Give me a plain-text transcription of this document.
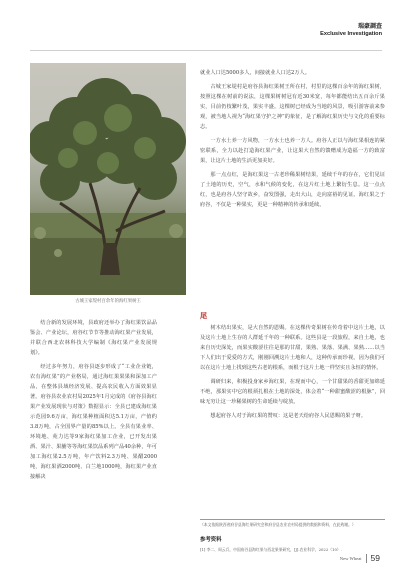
瑞豪調查
Exclusive Investigation
古城王家堤村百余年的海红果树王

结合新的发展环境，县政府还举办了海红果饮品品鉴会、产业论坛，府谷红节节等推动海红果产业发展，并联合西北农林科技大学编制《海红果产业发展规划》。

经过多年努力，府谷县逐步形成了“工业企业链，农有海红果”的产业格局，通过海红果果果和深加工产品，在整体县域经济发展、提高农民收入方面效果显著。府谷县农业农村局2025年1月完成的《府谷县海红果产业发展现状与对策》数据显示：全县已建成海红果示范园9.6万亩，海红果种植面积达5.1万亩，产值约3.8万吨，占全国界产量的85%以上。全县有果业率、环境地、苑力达等9家海红果加工企业，已开发出果酒、果汁、果脯等等海红果饮品系列产品40余种，年可加工海红果2.5万吨，年产饮料2.3万吨、果醋2000吨，海红果酒2000吨、白兰地1000吨，海红果产业直接解决

就业人口达5000多人，间接就业人口达2万人。

古城王家堤村是府谷县海红果树王所在村，村里的这棵百余年的海红果树，按照这棵在树前的说法，这棵果树树冠有近30米宽，每年都能结出五百余斤果实，目前仍枝繁叶茂，果实丰盛。这棵树已经成为当地的风景，吸引游客前来参观，被当地人视为“海红果守护之神”的象征，是了解海红果历史与文化的重要标志。

一方水土养一方风物，一方水土也养一方人。府谷人正以与海红果相连的紧密联系，全力以赴打造海红果产业，让这果大自然的馈赠成为造福一方的致富果，让这片土地的生活更加美好。

那一点点红，是海红果这一古老珍稀果树结果，延续千年的存在，它们见证了土地的历史，空气，水和气候的变化，在这片红土地上繁衍生息。这一点点红，也是府谷人坚守故乡，奋发图强，走出大山，走向富裕的见证。海红果之于府谷，不仅是一种果实，更是一种精神的传承和延续。

尾

树木结出果实，是大自然的恩赐。在这棵传奇果树在传奇着中这片土地，以及这片土地上生存的人群延千年的一种联系。这些县是一段旅程，来自土地，也来自历史深处，而果实酸涩往往是那的甘甜，果熟、果落、果满、果熟……以当下人们出于爱爱的方式，刚刚回溯这片土地和人，这种传承而珍视。因为我们可以在这片土地上找到这些古老的根系，而根于这片土地一样坚实且永恒的情怀。

调研归来，积极投身家乡海红果，在现而中心，一个甘甜果的香甜更加绵延不绝，那果实中它的根须扎根在土地的深处，体会着“一种甜蜜酸涩的根脉”，回味无穷让这一珍稀果树的生命延续与绽放。

想起府谷人对于海红果的赞叹：这是老天给府谷人民恩赐的果子呀。

（本文依据陕西省府谷县海红果研究会和府谷县农业农村局提供的数据和资料，在此致谢。）
参考资料
[1] 李二、周云兵，中国府谷县海红果与西北果果研究，[J].农业科学，2022（10）.
New Wheat 59
